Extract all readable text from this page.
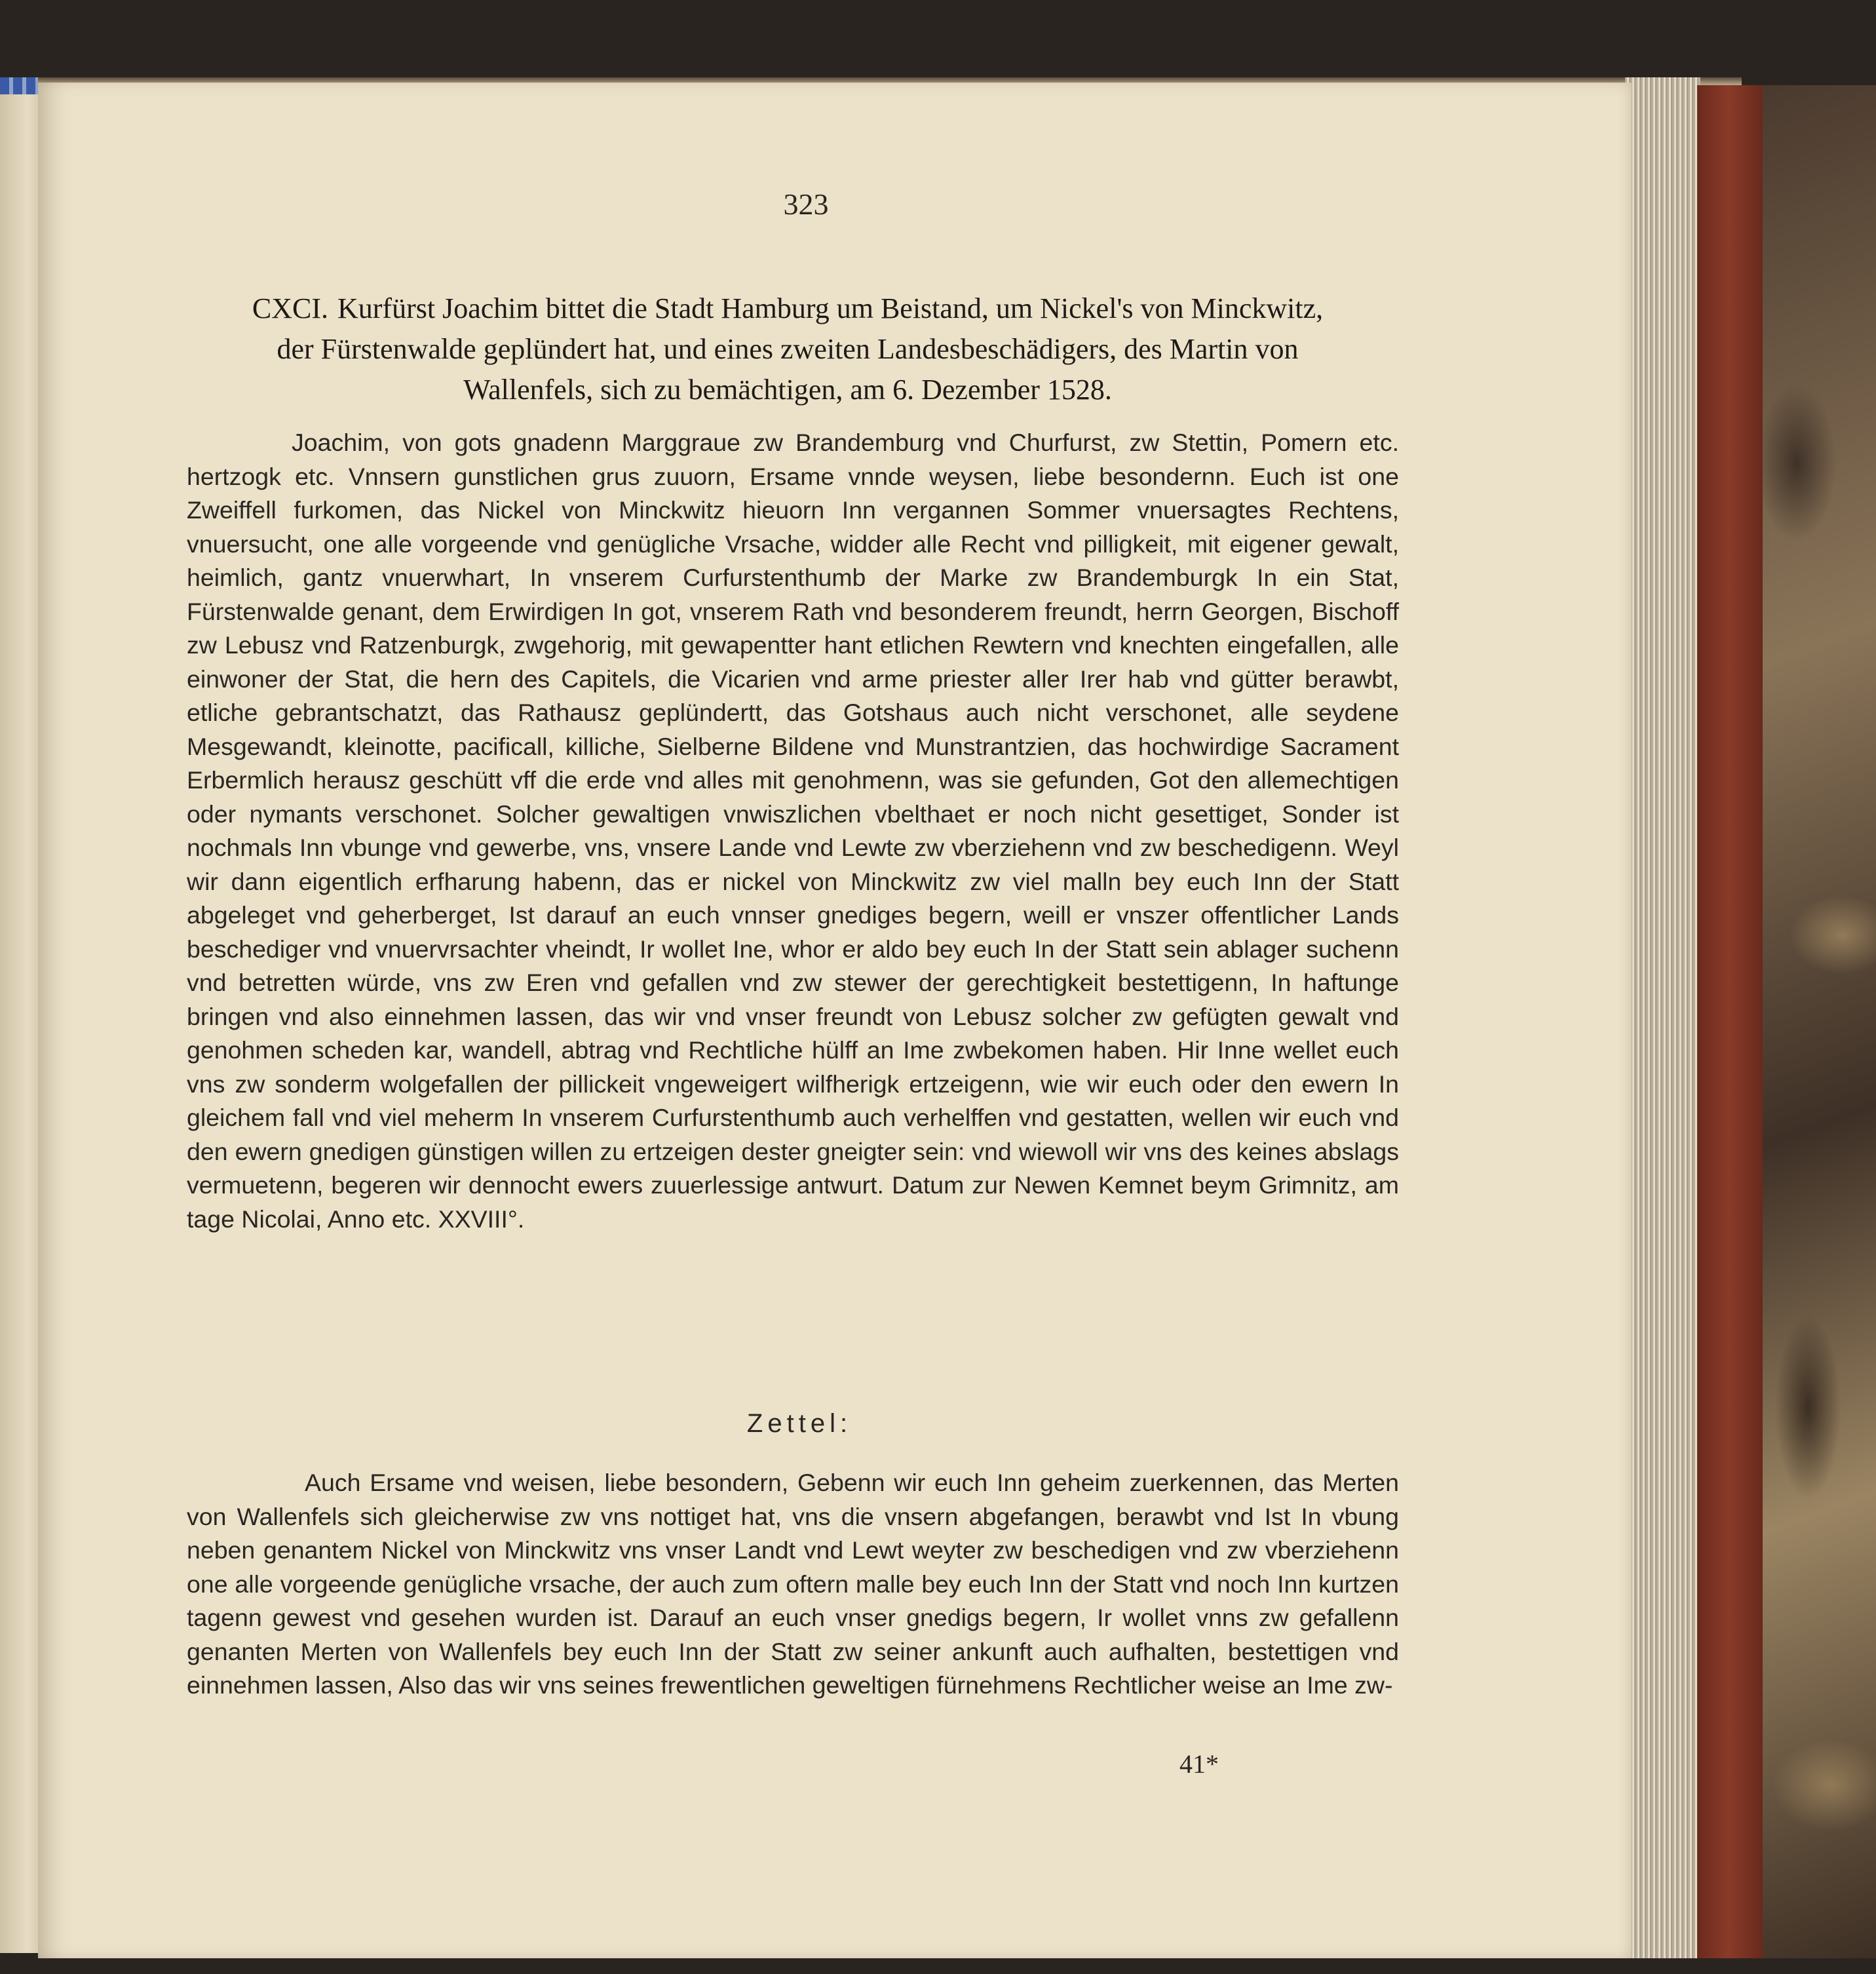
323
CXCI. Kurfürst Joachim bittet die Stadt Hamburg um Beistand, um Nickel's von Minckwitz,
der Fürstenwalde geplündert hat, und eines zweiten Landesbeschädigers, des Martin von
Wallenfels, sich zu bemächtigen, am 6. Dezember 1528.

Joachim, von gots gnadenn Marggraue zw Brandemburg vnd Churfurst, zw Stettin, Pomern etc. hertzogk etc. Vnnsern gunstlichen grus zuuorn, Ersame vnnde weysen, liebe besondernn. Euch ist one Zweiffell furkomen, das Nickel von Minckwitz hieuorn Inn vergannen Sommer vnuersagtes Rechtens, vnuersucht, one alle vorgeende vnd genügliche Vrsache, widder alle Recht vnd pilligkeit, mit eigener gewalt, heimlich, gantz vnuerwhart, In vnserem Curfurstenthumb der Marke zw Brandemburgk In ein Stat, Fürstenwalde genant, dem Erwirdigen In got, vnserem Rath vnd besonderem freundt, herrn Georgen, Bischoff zw Lebusz vnd Ratzenburgk, zwgehorig, mit gewapentter hant etlichen Rewtern vnd knechten eingefallen, alle einwoner der Stat, die hern des Capitels, die Vicarien vnd arme priester aller Irer hab vnd gütter berawbt, etliche gebrantschatzt, das Rathausz geplündertt, das Gotshaus auch nicht verschonet, alle seydene Mesgewandt, kleinotte, pacificall, killiche, Sielberne Bildene vnd Munstrantzien, das hochwirdige Sacrament Erbermlich herausz geschütt vff die erde vnd alles mit genohmenn, was sie gefunden, Got den allemechtigen oder nymants verschonet. Solcher gewaltigen vnwiszlichen vbelthaet er noch nicht gesettiget, Sonder ist nochmals Inn vbunge vnd gewerbe, vns, vnsere Lande vnd Lewte zw vberziehenn vnd zw beschedigenn. Weyl wir dann eigentlich erfharung habenn, das er nickel von Minckwitz zw viel malln bey euch Inn der Statt abgeleget vnd geherberget, Ist darauf an euch vnnser gnediges begern, weill er vnszer offentlicher Lands beschediger vnd vnuervrsachter vheindt, Ir wollet Ine, whor er aldo bey euch In der Statt sein ablager suchenn vnd betretten würde, vns zw Eren vnd gefallen vnd zw stewer der gerechtigkeit bestettigenn, In haftunge bringen vnd also einnehmen lassen, das wir vnd vnser freundt von Lebusz solcher zw gefügten gewalt vnd genohmen scheden kar, wandell, abtrag vnd Rechtliche hülff an Ime zwbekomen haben. Hir Inne wellet euch vns zw sonderm wolgefallen der pillickeit vngeweigert wilfherigk ertzeigenn, wie wir euch oder den ewern In gleichem fall vnd viel meherm In vnserem Curfurstenthumb auch verhelffen vnd gestatten, wellen wir euch vnd den ewern gnedigen günstigen willen zu ertzeigen dester gneigter sein: vnd wiewoll wir vns des keines abslags vermuetenn, begeren wir dennocht ewers zuuerlessige antwurt. Datum zur Newen Kemnet beym Grimnitz, am tage Nicolai, Anno etc. XXVIII°.

Zettel:

Auch Ersame vnd weisen, liebe besondern, Gebenn wir euch Inn geheim zuerkennen, das Merten von Wallenfels sich gleicherwise zw vns nottiget hat, vns die vnsern abgefangen, berawbt vnd Ist In vbung neben genantem Nickel von Minckwitz vns vnser Landt vnd Lewt weyter zw beschedigen vnd zw vberziehenn one alle vorgeende genügliche vrsache, der auch zum oftern malle bey euch Inn der Statt vnd noch Inn kurtzen tagenn gewest vnd gesehen wurden ist. Darauf an euch vnser gnedigs begern, Ir wollet vnns zw gefallenn genanten Merten von Wallenfels bey euch Inn der Statt zw seiner ankunft auch aufhalten, bestettigen vnd einnehmen lassen, Also das wir vns seines frewentlichen geweltigen fürnehmens Rechtlicher weise an Ime zw-

41*
